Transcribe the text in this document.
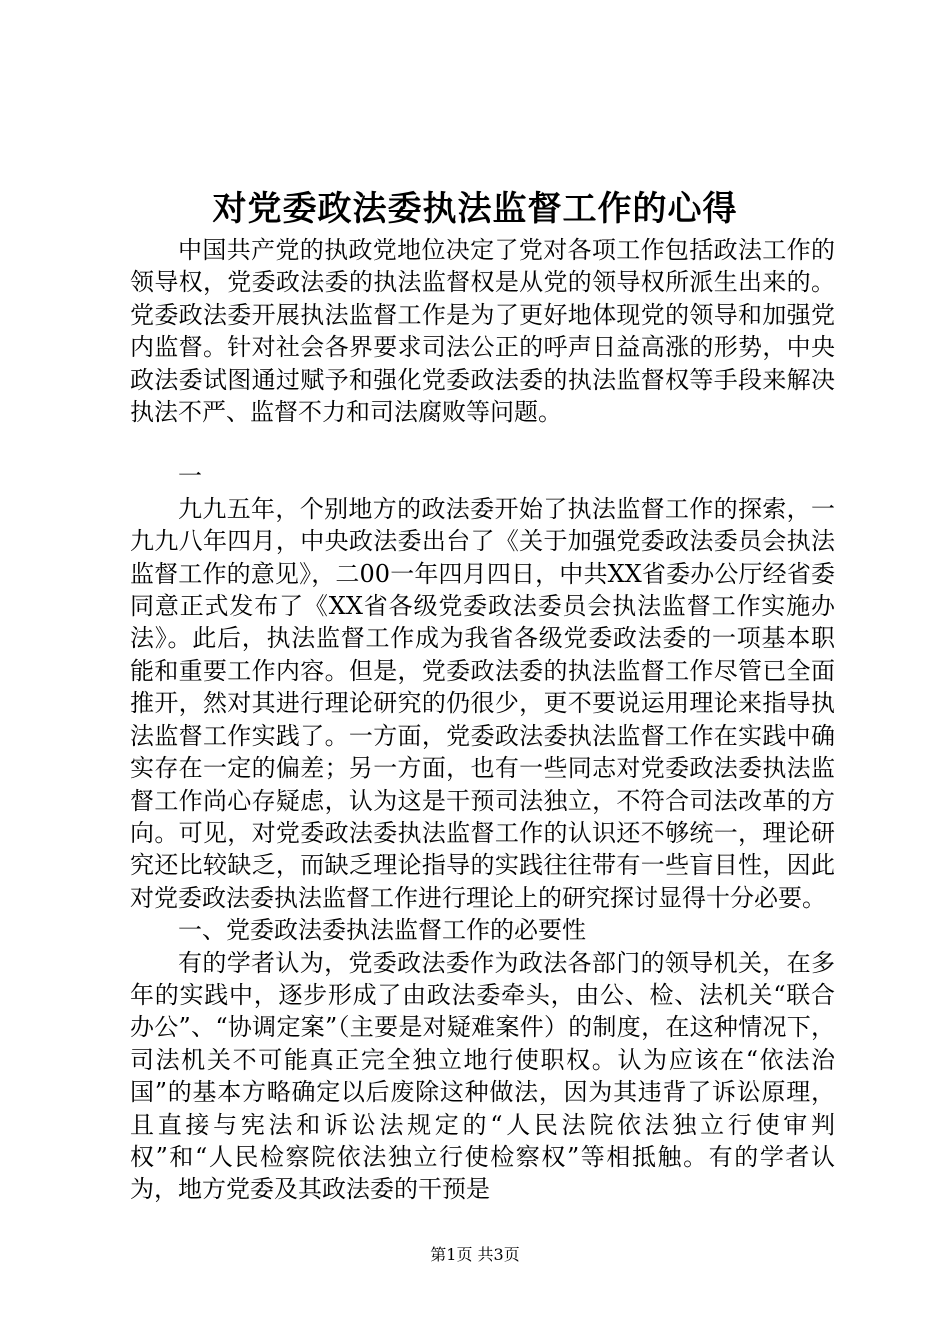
对党委政法委执法监督工作的心得

中国共产党的执政党地位决定了党对各项工作包括政法工作的领导权，党委政法委的执法监督权是从党的领导权所派生出来的。党委政法委开展执法监督工作是为了更好地体现党的领导和加强党内监督。针对社会各界要求司法公正的呼声日益高涨的形势，中央政法委试图通过赋予和强化党委政法委的执法监督权等手段来解决执法不严、监督不力和司法腐败等问题。

一

九九五年，个别地方的政法委开始了执法监督工作的探索，一九九八年四月，中央政法委出台了《关于加强党委政法委员会执法监督工作的意见》，二00一年四月四日，中共XX省委办公厅经省委同意正式发布了《XX省各级党委政法委员会执法监督工作实施办法》。此后，执法监督工作成为我省各级党委政法委的一项基本职能和重要工作内容。但是，党委政法委的执法监督工作尽管已全面推开，然对其进行理论研究的仍很少，更不要说运用理论来指导执法监督工作实践了。一方面，党委政法委执法监督工作在实践中确实存在一定的偏差；另一方面，也有一些同志对党委政法委执法监督工作尚心存疑虑，认为这是干预司法独立，不符合司法改革的方向。可见，对党委政法委执法监督工作的认识还不够统一，理论研究还比较缺乏，而缺乏理论指导的实践往往带有一些盲目性，因此对党委政法委执法监督工作进行理论上的研究探讨显得十分必要。

一、党委政法委执法监督工作的必要性

有的学者认为，党委政法委作为政法各部门的领导机关，在多年的实践中，逐步形成了由政法委牵头，由公、检、法机关“联合办公”、“协调定案”（主要是对疑难案件）的制度，在这种情况下，司法机关不可能真正完全独立地行使职权。认为应该在“依法治国”的基本方略确定以后废除这种做法，因为其违背了诉讼原理，且直接与宪法和诉讼法规定的“人民法院依法独立行使审判权”和“人民检察院依法独立行使检察权”等相抵触。有的学者认为，地方党委及其政法委的干预是

第1页 共3页
